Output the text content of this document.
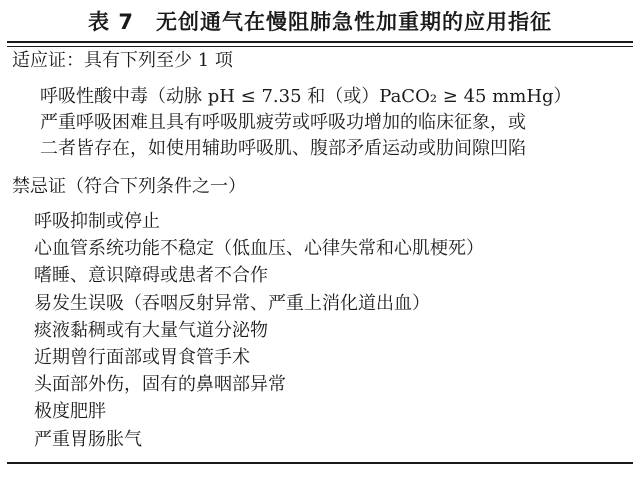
表 7　无创通气在慢阻肺急性加重期的应用指征
适应证：具有下列至少 1 项
呼吸性酸中毒（动脉 pH ≤ 7.35 和（或）PaCO₂ ≥ 45 mmHg）
严重呼吸困难且具有呼吸肌疲劳或呼吸功增加的临床征象，或
二者皆存在，如使用辅助呼吸肌、腹部矛盾运动或肋间隙凹陷
禁忌证（符合下列条件之一）
呼吸抑制或停止
心血管系统功能不稳定（低血压、心律失常和心肌梗死）
嗜睡、意识障碍或患者不合作
易发生误吸（吞咽反射异常、严重上消化道出血）
痰液黏稠或有大量气道分泌物
近期曾行面部或胃食管手术
头面部外伤，固有的鼻咽部异常
极度肥胖
严重胃肠胀气
